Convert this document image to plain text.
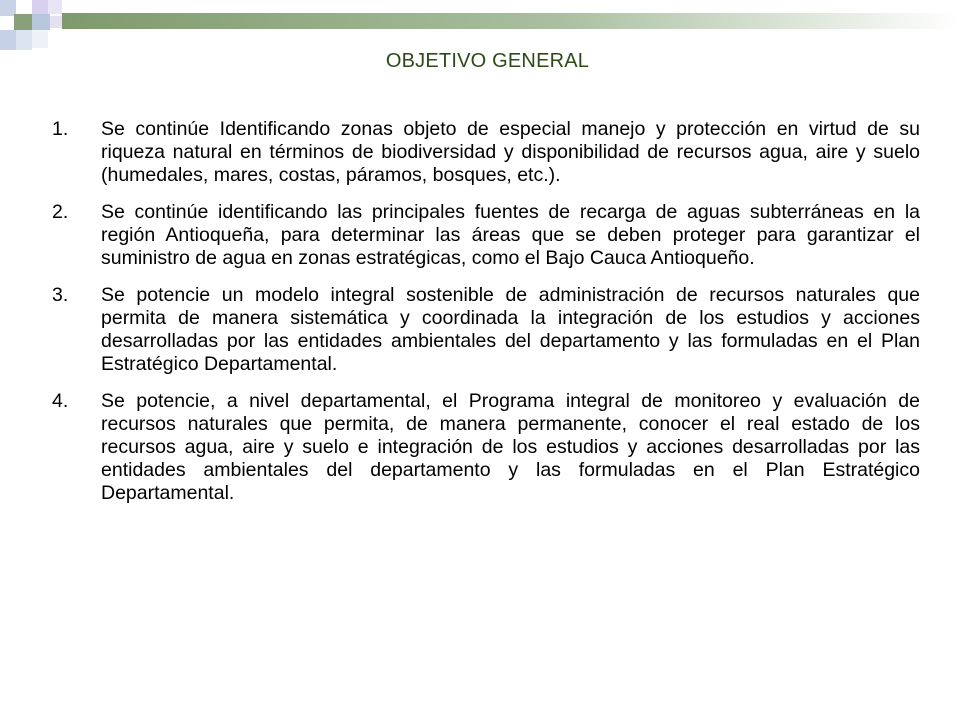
OBJETIVO GENERAL
1. Se continúe Identificando zonas objeto de especial manejo y protección en virtud de su riqueza natural en términos de biodiversidad y disponibilidad de recursos agua, aire y suelo (humedales, mares, costas, páramos, bosques, etc.).
2. Se continúe identificando las principales fuentes de recarga de aguas subterráneas en la región Antioqueña, para determinar las áreas que se deben proteger para garantizar el suministro de agua en zonas estratégicas, como el Bajo Cauca Antioqueño.
3. Se potencie un modelo integral sostenible de administración de recursos naturales que permita de manera sistemática y coordinada la integración de los estudios y acciones desarrolladas por las entidades ambientales del departamento y las formuladas en el Plan Estratégico Departamental.
4. Se potencie, a nivel departamental, el Programa integral de monitoreo y evaluación de recursos naturales que permita, de manera permanente, conocer el real estado de los recursos agua, aire y suelo e integración de los estudios y acciones desarrolladas por las entidades ambientales del departamento y las formuladas en el Plan Estratégico Departamental.
